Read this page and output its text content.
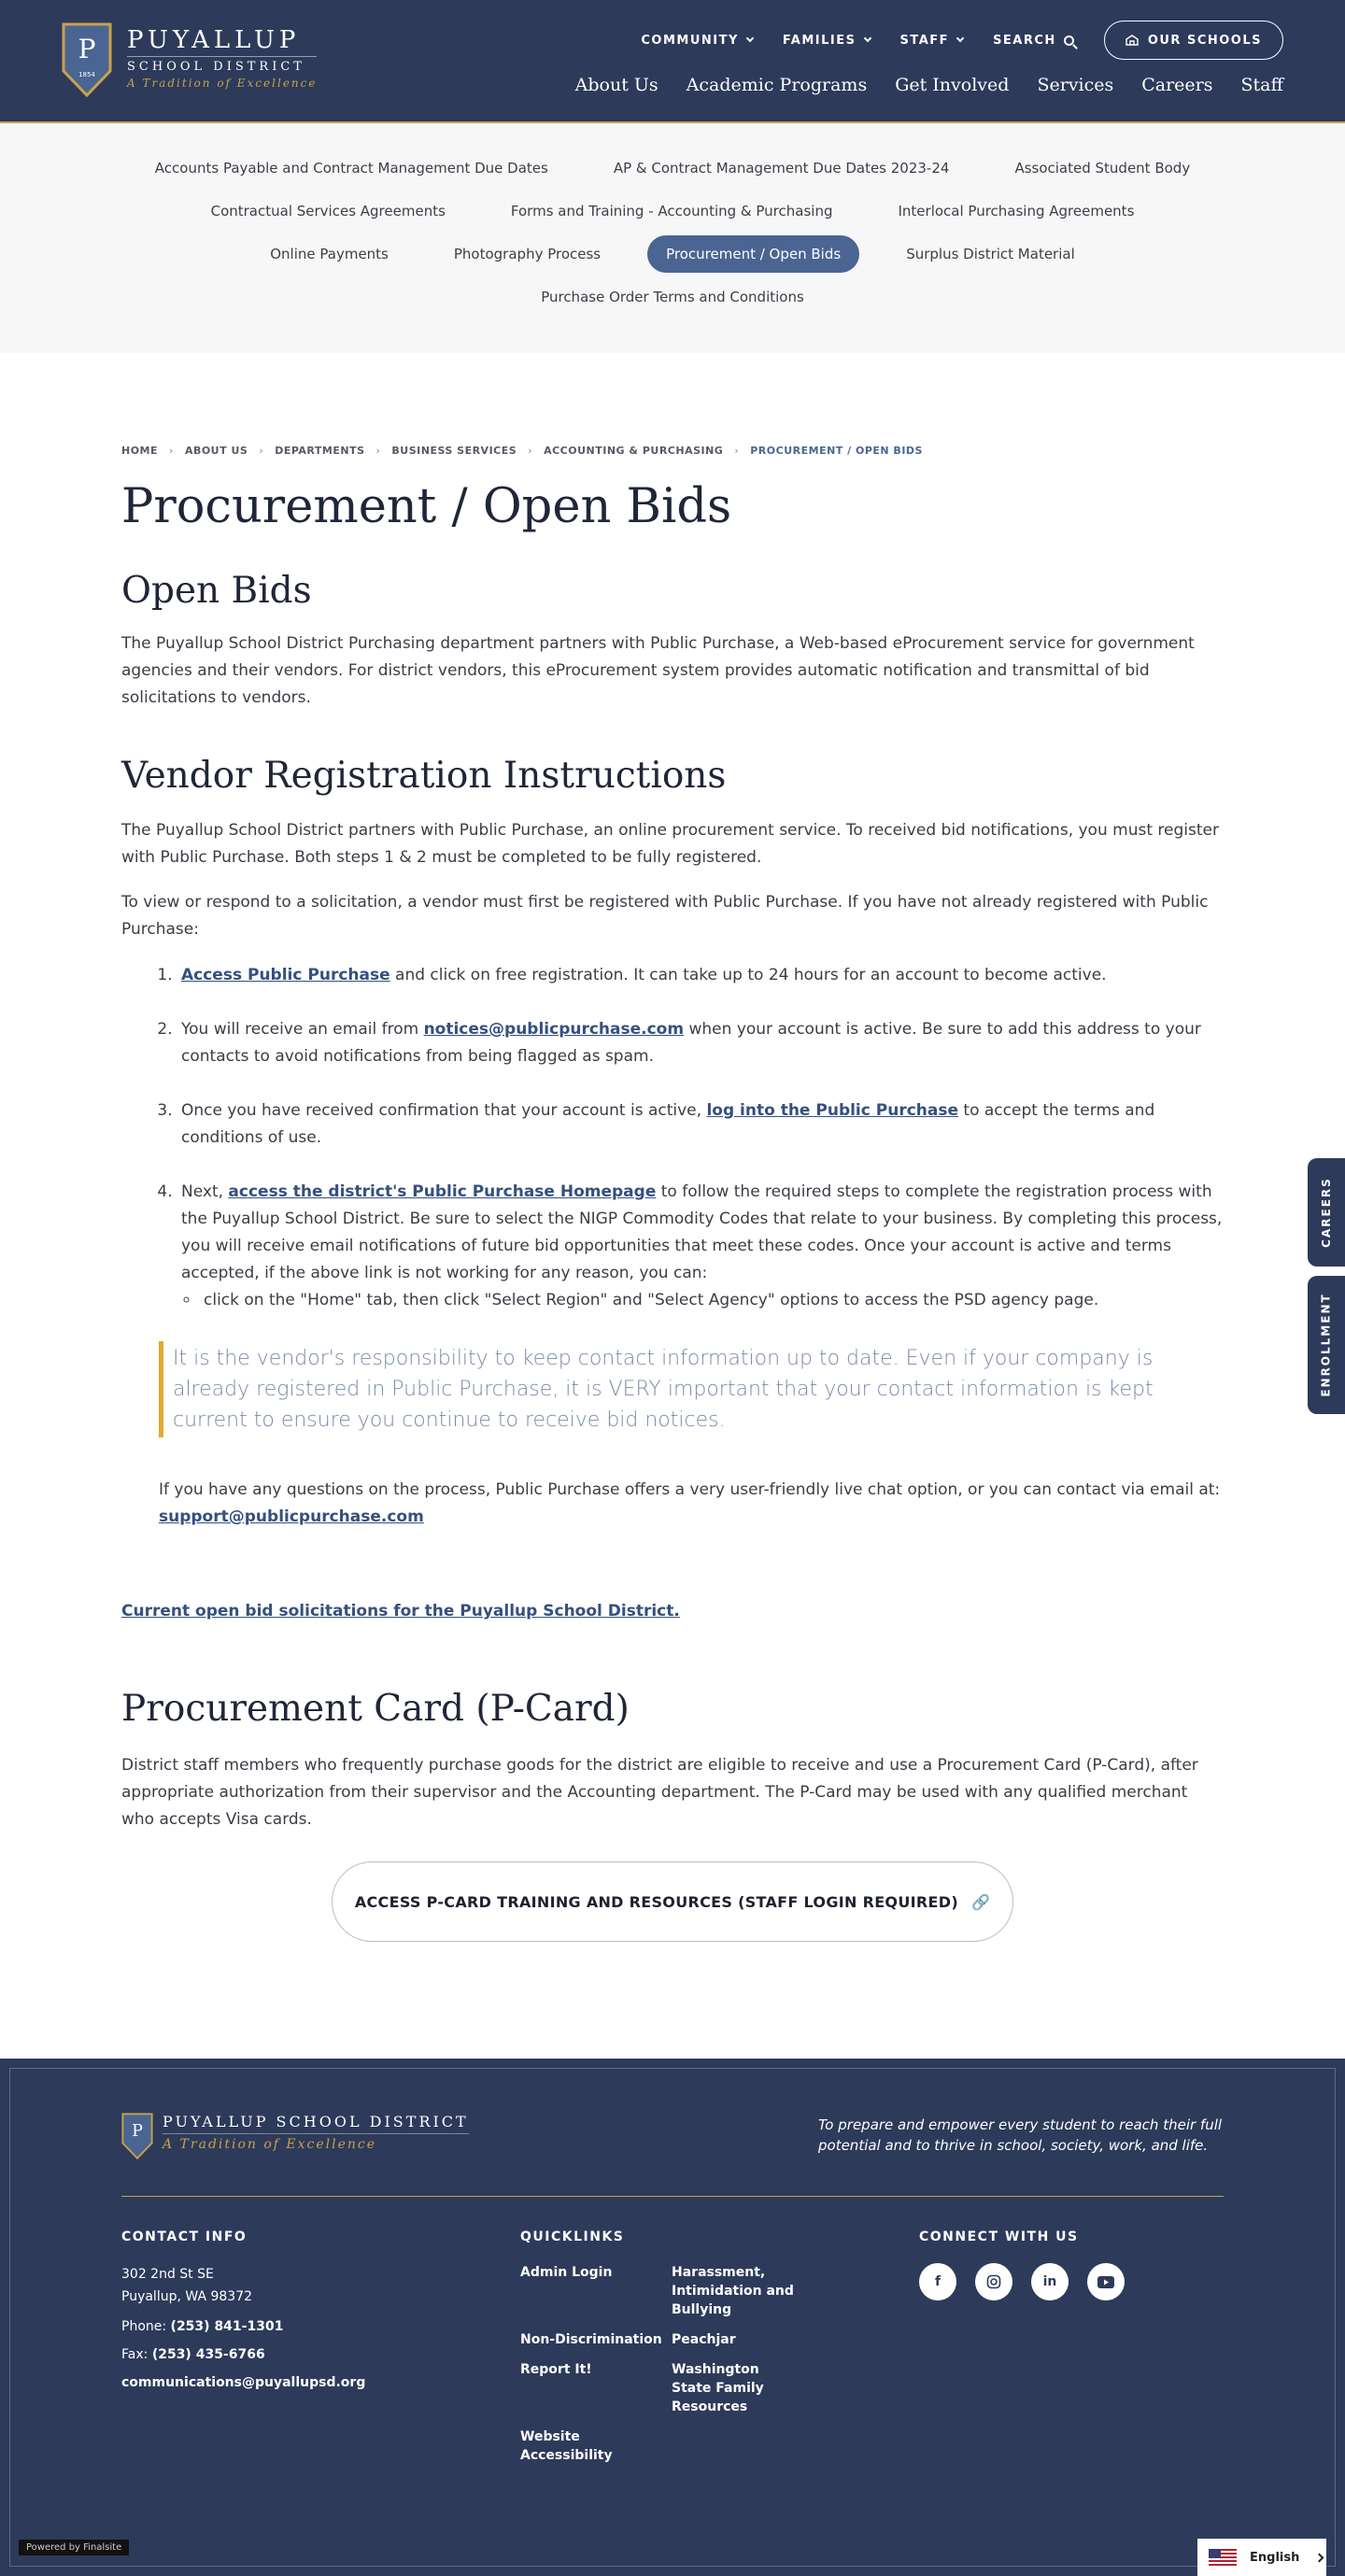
P
1854
PUYALLUP
SCHOOL DISTRICT
A Tradition of Excellence
COMMUNITY	FAMILIES	STAFF	SEARCH	OUR SCHOOLS
About Us Academic Programs Get Involved Services Careers Staff
Accounts Payable and Contract Management Due Dates	AP & Contract Management Due Dates 2023-24	Associated Student Body
Contractual Services Agreements	Forms and Training - Accounting & Purchasing	Interlocal Purchasing Agreements
Online Payments	Photography Process	Procurement / Open Bids	Surplus District Material
Purchase Order Terms and Conditions
HOME › ABOUT US › DEPARTMENTS › BUSINESS SERVICES › ACCOUNTING & PURCHASING › PROCUREMENT / OPEN BIDS
Procurement / Open Bids
Open Bids

The Puyallup School District Purchasing department partners with Public Purchase, a Web-based eProcurement service for government agencies and their vendors. For district vendors, this eProcurement system provides automatic notification and transmittal of bid solicitations to vendors.

Vendor Registration Instructions

The Puyallup School District partners with Public Purchase, an online procurement service. To received bid notifications, you must register with Public Purchase. Both steps 1 & 2 must be completed to be fully registered.

To view or respond to a solicitation, a vendor must first be registered with Public Purchase. If you have not already registered with Public Purchase:

1. Access Public Purchase and click on free registration. It can take up to 24 hours for an account to become active.
2. You will receive an email from notices@publicpurchase.com when your account is active. Be sure to add this address to your contacts to avoid notifications from being flagged as spam.
3. Once you have received confirmation that your account is active, log into the Public Purchase to accept the terms and conditions of use.
4. Next, access the district's Public Purchase Homepage to follow the required steps to complete the registration process with the Puyallup School District. Be sure to select the NIGP Commodity Codes that relate to your business. By completing this process, you will receive email notifications of future bid opportunities that meet these codes. Once your account is active and terms accepted, if the above link is not working for any reason, you can:
◦ click on the "Home" tab, then click "Select Region" and "Select Agency" options to access the PSD agency page.
It is the vendor's responsibility to keep contact information up to date. Even if your company is already registered in Public Purchase, it is VERY important that your contact information is kept current to ensure you continue to receive bid notices.

If you have any questions on the process, Public Purchase offers a very user-friendly live chat option, or you can contact via email at:
support@publicpurchase.com

Current open bid solicitations for the Puyallup School District.

Procurement Card (P-Card)

District staff members who frequently purchase goods for the district are eligible to receive and use a Procurement Card (P-Card), after appropriate authorization from their supervisor and the Accounting department. The P-Card may be used with any qualified merchant who accepts Visa cards.

ACCESS P-CARD TRAINING AND RESOURCES (STAFF LOGIN REQUIRED) 🔗
CAREERS
ENROLLMENT
P
PUYALLUP SCHOOL DISTRICT
A Tradition of Excellence

To prepare and empower every student to reach their full potential and to thrive in school, society, work, and life.

CONTACT INFO
302 2nd St SE
Puyallup, WA 98372
Phone: (253) 841-1301
Fax: (253) 435-6766
communications@puyallupsd.org
QUICKLINKS
Admin Login	Harassment, Intimidation and Bullying
Non-Discrimination Peachjar
Report It!	Washington State Family Resources
Website Accessibility
CONNECT WITH US
f	in
Powered by Finalsite
English
